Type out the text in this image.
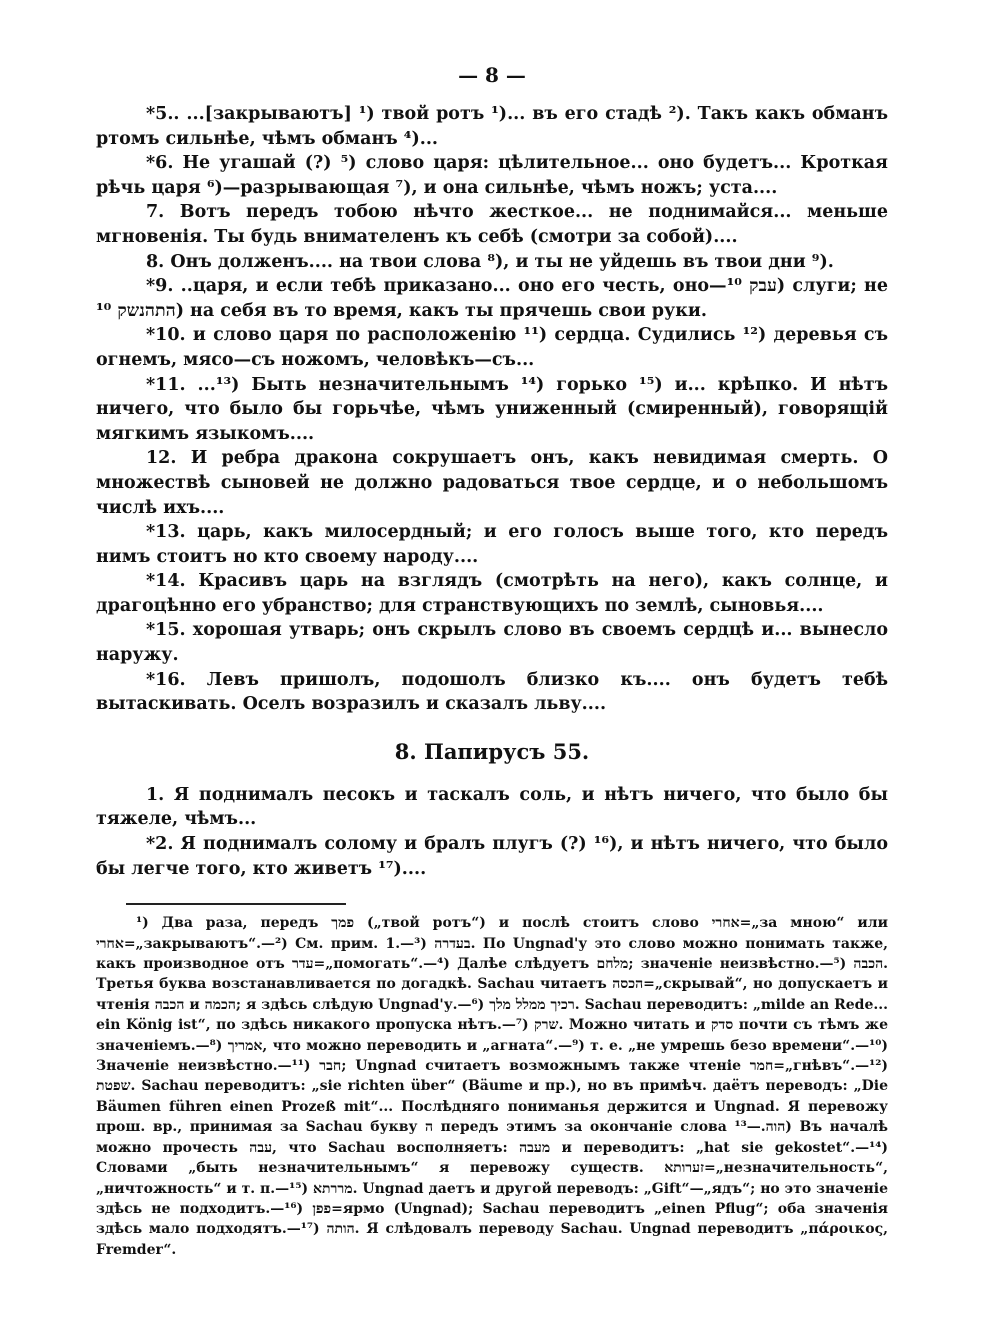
— 8 —

*5.. ...[закрываютъ] ¹) твой ротъ ¹)... въ его стадѣ ²). Такъ какъ обманъ ртомъ сильнѣе, чѣмъ обманъ ⁴)...

*6. Не угашай (?) ⁵) слово царя: цѣлительное... оно будетъ... Кроткая рѣчь царя ⁶)—разрывающая ⁷), и она сильнѣе, чѣмъ ножъ; уста....

7. Вотъ передъ тобою нѣчто жесткое... не поднимайся... меньше мгновенія. Ты будь внимателенъ къ себѣ (смотри за собой)....

8. Онъ долженъ.... на твои слова ⁸), и ты не уйдешь въ твои дни ⁹).

*9. ..царя, и если тебѣ приказано... оно его честь, оно—עבק ¹⁰) слуги; не התהנשק ¹⁰) на себя въ то время, какъ ты прячешь свои руки.

*10. и слово царя по расположенію ¹¹) сердца. Судились ¹²) деревья съ огнемъ, мясо—съ ножомъ, человѣкъ—съ...

*11. ...¹³) Быть незначительнымъ ¹⁴) горько ¹⁵) и... крѣпко. И нѣтъ ничего, что было бы горьчѣе, чѣмъ униженный (смиренный), говорящій мягкимъ языкомъ....

12. И ребра дракона сокрушаетъ онъ, какъ невидимая смерть. О множествѣ сыновей не должно радоваться твое сердце, и о небольшомъ числѣ ихъ....

*13. царь, какъ милосердный; и его голосъ выше того, кто передъ нимъ стоитъ но кто своему народу....

*14. Красивъ царь на взглядъ (смотрѣть на него), какъ солнце, и драгоцѣнно его убранство; для странствующихъ по землѣ, сыновья....

*15. хорошая утварь; онъ скрылъ слово въ своемъ сердцѣ и... вынесло наружу.

*16. Левъ пришолъ, подошолъ близко къ.... онъ будетъ тебѣ вытаскивать. Оселъ возразилъ и сказалъ льву....

8. Папирусъ 55.

1. Я поднималъ песокъ и таскалъ соль, и нѣтъ ничего, что было бы тяжеле, чѣмъ...

*2. Я поднималъ солому и бралъ плугъ (?) ¹⁶), и нѣтъ ничего, что было бы легче того, кто живетъ ¹⁷)....

¹) Два раза, передъ פמך („твой ротъ“) и послѣ стоитъ слово אחרי=„за мною“ или אחרי=„закрываютъ“.—²) См. прим. 1.—³) בעדרה. По Ungnad'у это слово можно понимать также, какъ производное отъ עדר=„помогать“.—⁴) Далѣе слѣдуетъ מלחם; значеніе неизвѣстно.—⁵) הכבה. Третья буква возстанавливается по догадкѣ. Sachau читаетъ הכסה=„скрывай“, но допускаетъ и чтенія הכבה и הכמה; я здѣсь слѣдую Ungnad'у.—⁶) רכיך ממלל מלך. Sachau переводитъ: „milde an Rede... ein König ist“, по здѣсь никакого пропуска нѣтъ.—⁷) שרק. Можно читать и סדק почти съ тѣмъ же значеніемъ.—⁸) אמריך, что можно переводить и „агната“.—⁹) т. е. „не умрешь безо времени“.—¹⁰) Значеніе неизвѣстно.—¹¹) חבר; Ungnad считаетъ возможнымъ также чтеніе חמר=„гнѣвъ“.—¹²) שפטת. Sachau переводитъ: „sie richten über“ (Bäume и пр.), но въ примѣч. даётъ переводъ: „Die Bäumen führen einen Prozeß mit“... Послѣдняго пониманья держится и Ungnad. Я перевожу прош. вр., принимая за Sachau букву ה передъ этимъ за окончаніе слова הוה.—¹³) Въ началѣ можно прочесть עבה, что Sachau восполняетъ: מעבה и переводитъ: „hat sie gekostet“.—¹⁴) Словами „быть незначительнымъ“ я перевожу существ. זערותא=„незначительность“, „ничтожность“ и т. п.—¹⁵) מררתא. Ungnad даетъ и другой переводъ: „Gift“—„ядъ“; но это значеніе здѣсь не подходитъ.—¹⁶) פפן=ярмо (Ungnad); Sachau переводитъ „einen Pflug“; оба значенія здѣсь мало подходятъ.—¹⁷) הותה. Я слѣдовалъ переводу Sachau. Ungnad переводитъ „πάροικος, Fremder“.
